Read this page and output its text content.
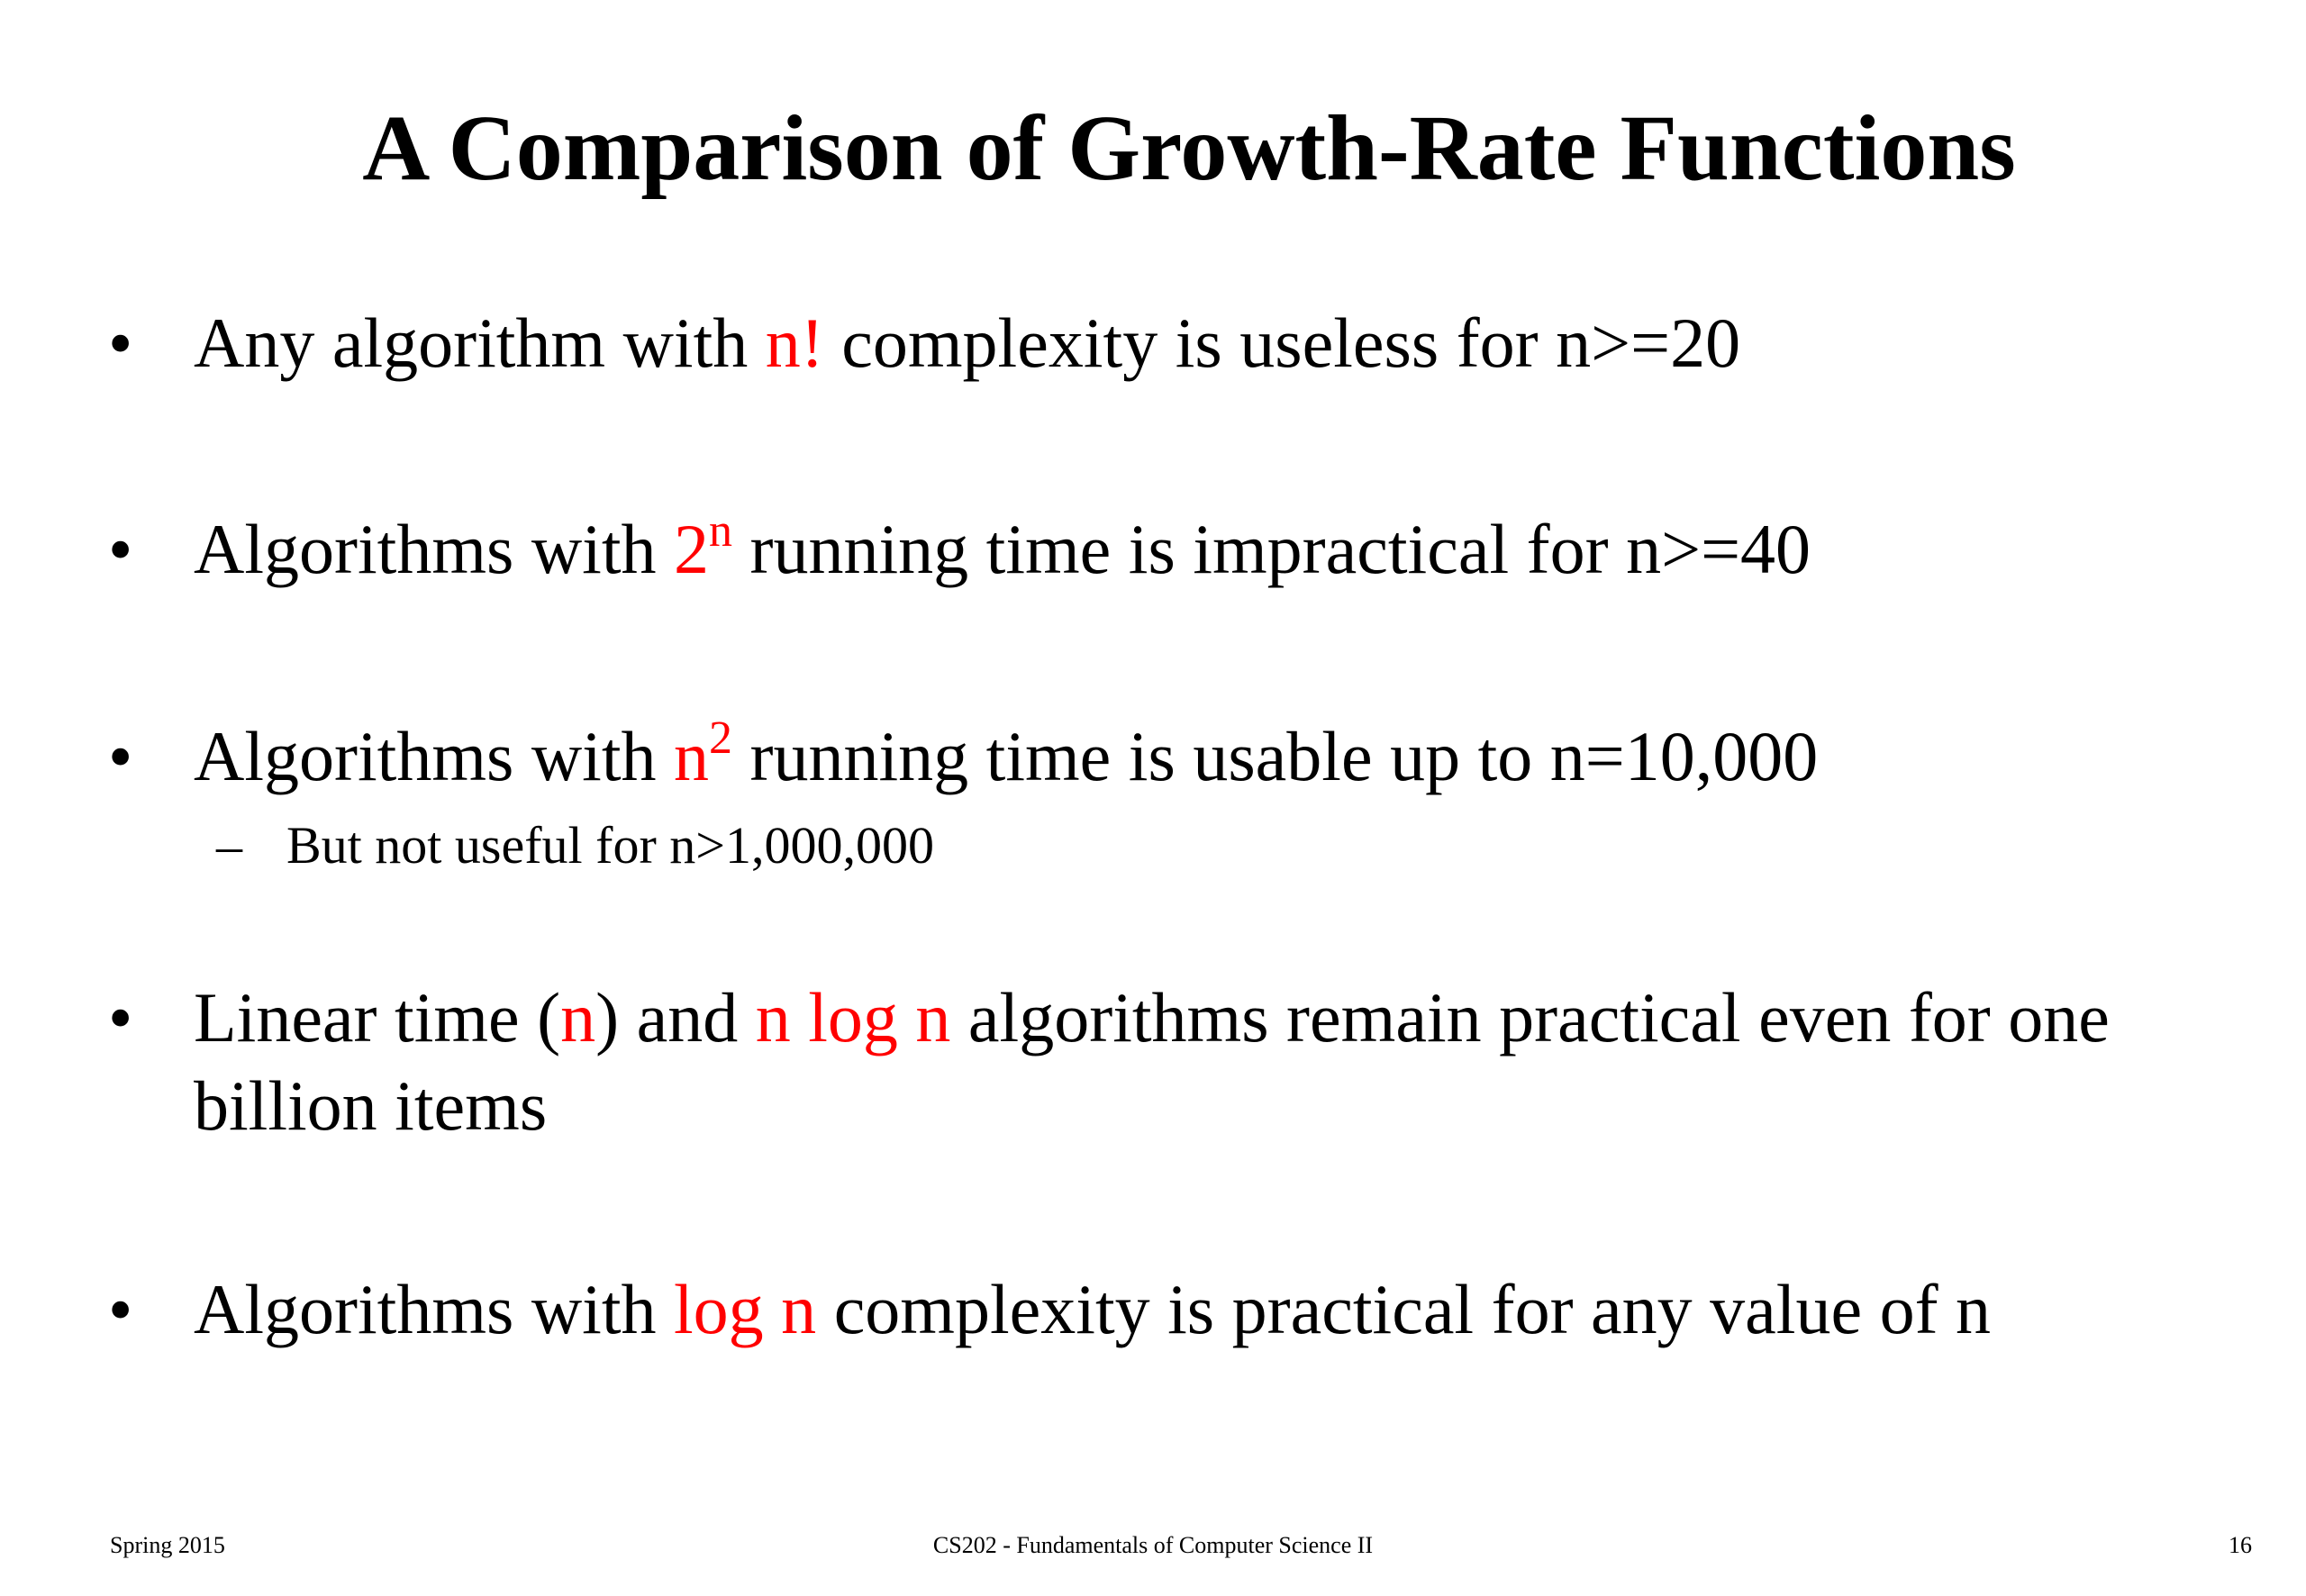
A Comparison of Growth-Rate Functions
• Any algorithm with n! complexity is useless for n>=20
• Algorithms with 2$^n$ running time is impractical for n>=40
• Algorithms with $n^2$ running time is usable up to n=10,000
– But not useful for n>1,000,000
• Linear time (n) and n log n algorithms remain practical even for one billion items
• Algorithms with log n complexity is practical for any value of n
Spring 2015	CS202 - Fundamentals of Computer Science II	16
